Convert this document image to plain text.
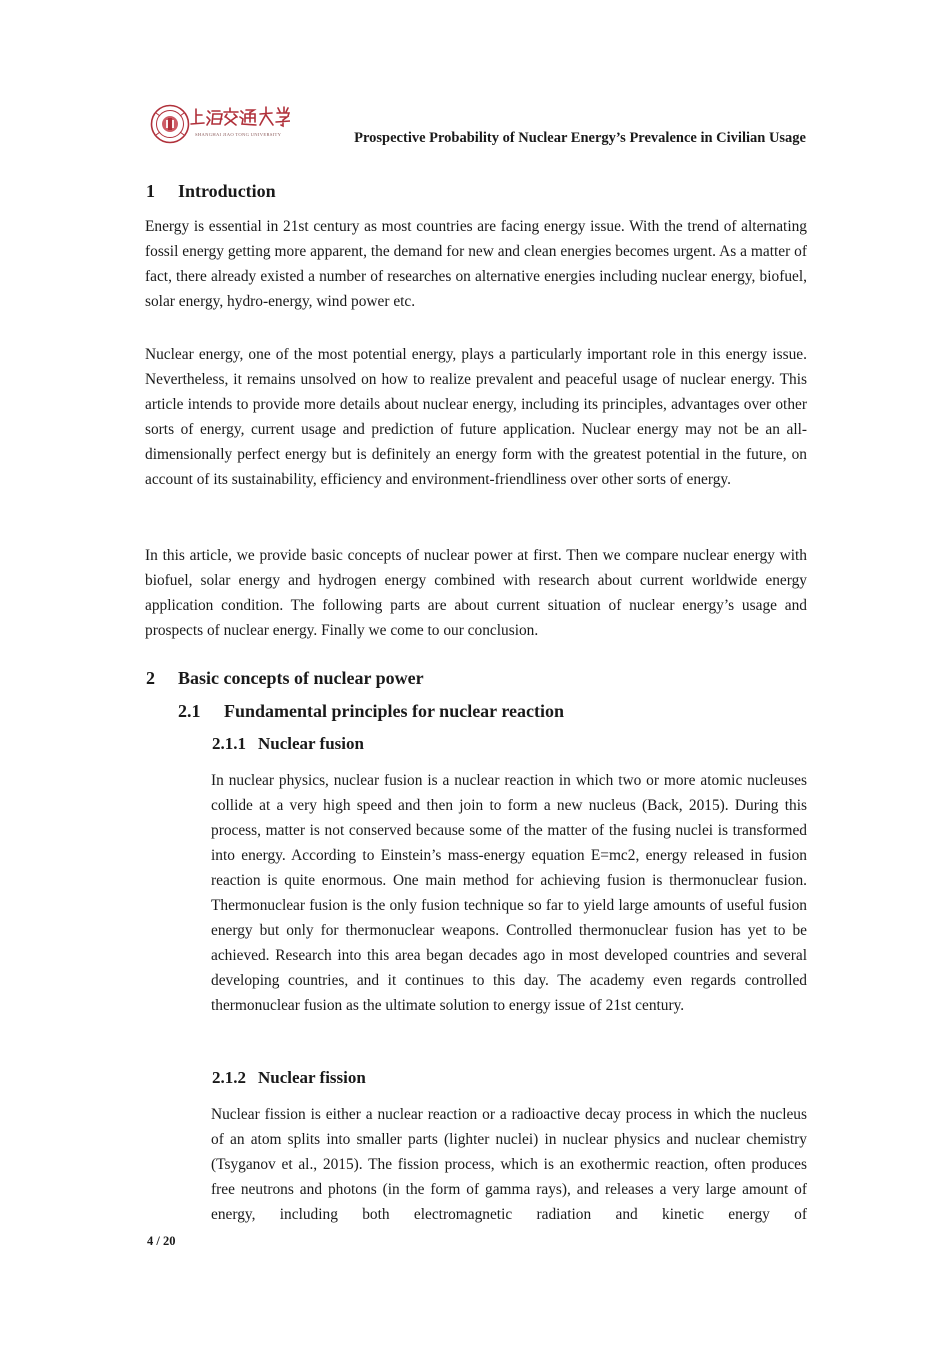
SHANGHAI JIAO TONG UNIVERSITY	Prospective Probability of Nuclear Energy’s Prevalence in Civilian Usage
1 Introduction

Energy is essential in 21st century as most countries are facing energy issue. With the trend of alternating fossil energy getting more apparent, the demand for new and clean energies becomes urgent. As a matter of fact, there already existed a number of researches on alternative energies including nuclear energy, biofuel, solar energy, hydro-energy, wind power etc.

Nuclear energy, one of the most potential energy, plays a particularly important role in this energy issue. Nevertheless, it remains unsolved on how to realize prevalent and peaceful usage of nuclear energy. This article intends to provide more details about nuclear energy, including its principles, advantages over other sorts of energy, current usage and prediction of future application. Nuclear energy may not be an all-dimensionally perfect energy but is definitely an energy form with the greatest potential in the future, on account of its sustainability, efficiency and environment-friendliness over other sorts of energy.

In this article, we provide basic concepts of nuclear power at first. Then we compare nuclear energy with biofuel, solar energy and hydrogen energy combined with research about current worldwide energy application condition. The following parts are about current situation of nuclear energy’s usage and prospects of nuclear energy. Finally we come to our conclusion.

2 Basic concepts of nuclear power
2.1 Fundamental principles for nuclear reaction
2.1.1 Nuclear fusion

In nuclear physics, nuclear fusion is a nuclear reaction in which two or more atomic nucleuses collide at a very high speed and then join to form a new nucleus (Back, 2015). During this process, matter is not conserved because some of the matter of the fusing nuclei is transformed into energy. According to Einstein’s mass-energy equation E=mc2, energy released in fusion reaction is quite enormous. One main method for achieving fusion is thermonuclear fusion. Thermonuclear fusion is the only fusion technique so far to yield large amounts of useful fusion energy but only for thermonuclear weapons. Controlled thermonuclear fusion has yet to be achieved. Research into this area began decades ago in most developed countries and several developing countries, and it continues to this day. The academy even regards controlled thermonuclear fusion as the ultimate solution to energy issue of 21st century.

2.1.2 Nuclear fission

Nuclear fission is either a nuclear reaction or a radioactive decay process in which the nucleus of an atom splits into smaller parts (lighter nuclei) in nuclear physics and nuclear chemistry (Tsyganov et al., 2015). The fission process, which is an exothermic reaction, often produces free neutrons and photons (in the form of gamma rays), and releases a very large amount of energy, including both electromagnetic radiation and kinetic energy of

4 / 20
